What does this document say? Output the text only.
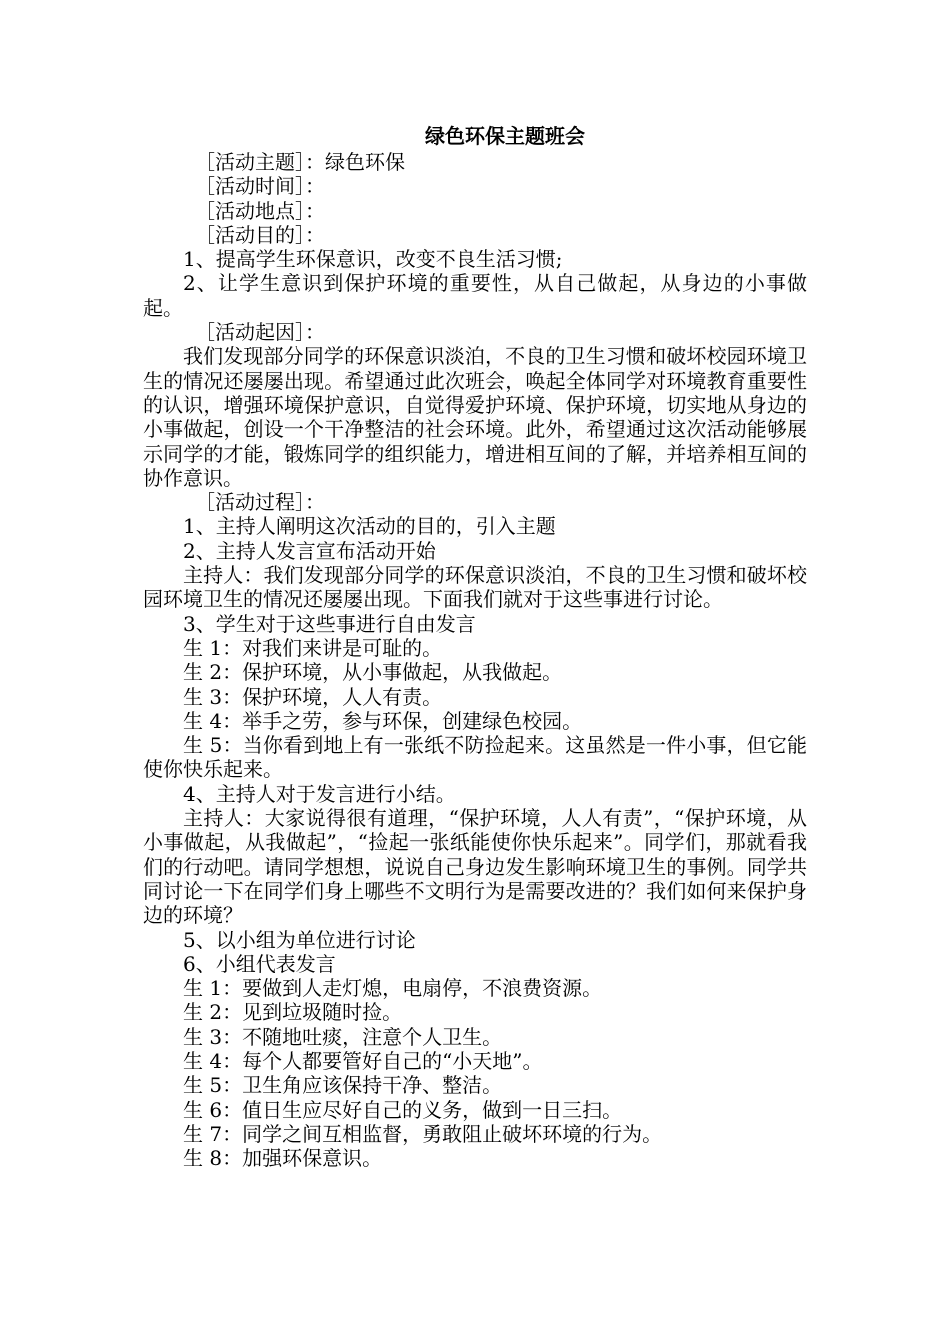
绿色环保主题班会

［活动主题］：绿色环保

［活动时间］：

［活动地点］：

［活动目的］：

1、提高学生环保意识，改变不良生活习惯;

2、让学生意识到保护环境的重要性，从自己做起，从身边的小事做起。

［活动起因］：

我们发现部分同学的环保意识淡泊，不良的卫生习惯和破坏校园环境卫生的情况还屡屡出现。希望通过此次班会，唤起全体同学对环境教育重要性的认识，增强环境保护意识，自觉得爱护环境、保护环境，切实地从身边的小事做起，创设一个干净整洁的社会环境。此外，希望通过这次活动能够展示同学的才能，锻炼同学的组织能力，增进相互间的了解，并培养相互间的协作意识。

［活动过程］：

1、主持人阐明这次活动的目的，引入主题

2、主持人发言宣布活动开始

主持人：我们发现部分同学的环保意识淡泊，不良的卫生习惯和破坏校园环境卫生的情况还屡屡出现。下面我们就对于这些事进行讨论。

3、学生对于这些事进行自由发言

生 1：对我们来讲是可耻的。

生 2：保护环境，从小事做起，从我做起。

生 3：保护环境，人人有责。

生 4：举手之劳，参与环保，创建绿色校园。

生 5：当你看到地上有一张纸不防捡起来。这虽然是一件小事，但它能使你快乐起来。

4、主持人对于发言进行小结。

主持人：大家说得很有道理，“保护环境，人人有责”，“保护环境，从小事做起，从我做起”，“捡起一张纸能使你快乐起来”。同学们，那就看我们的行动吧。请同学想想，说说自己身边发生影响环境卫生的事例。同学共同讨论一下在同学们身上哪些不文明行为是需要改进的？我们如何来保护身边的环境？

5、以小组为单位进行讨论

6、小组代表发言

生 1：要做到人走灯熄，电扇停，不浪费资源。

生 2：见到垃圾随时捡。

生 3：不随地吐痰，注意个人卫生。

生 4：每个人都要管好自己的“小天地”。

生 5：卫生角应该保持干净、整洁。

生 6：值日生应尽好自己的义务，做到一日三扫。

生 7：同学之间互相监督，勇敢阻止破坏环境的行为。

生 8：加强环保意识。
